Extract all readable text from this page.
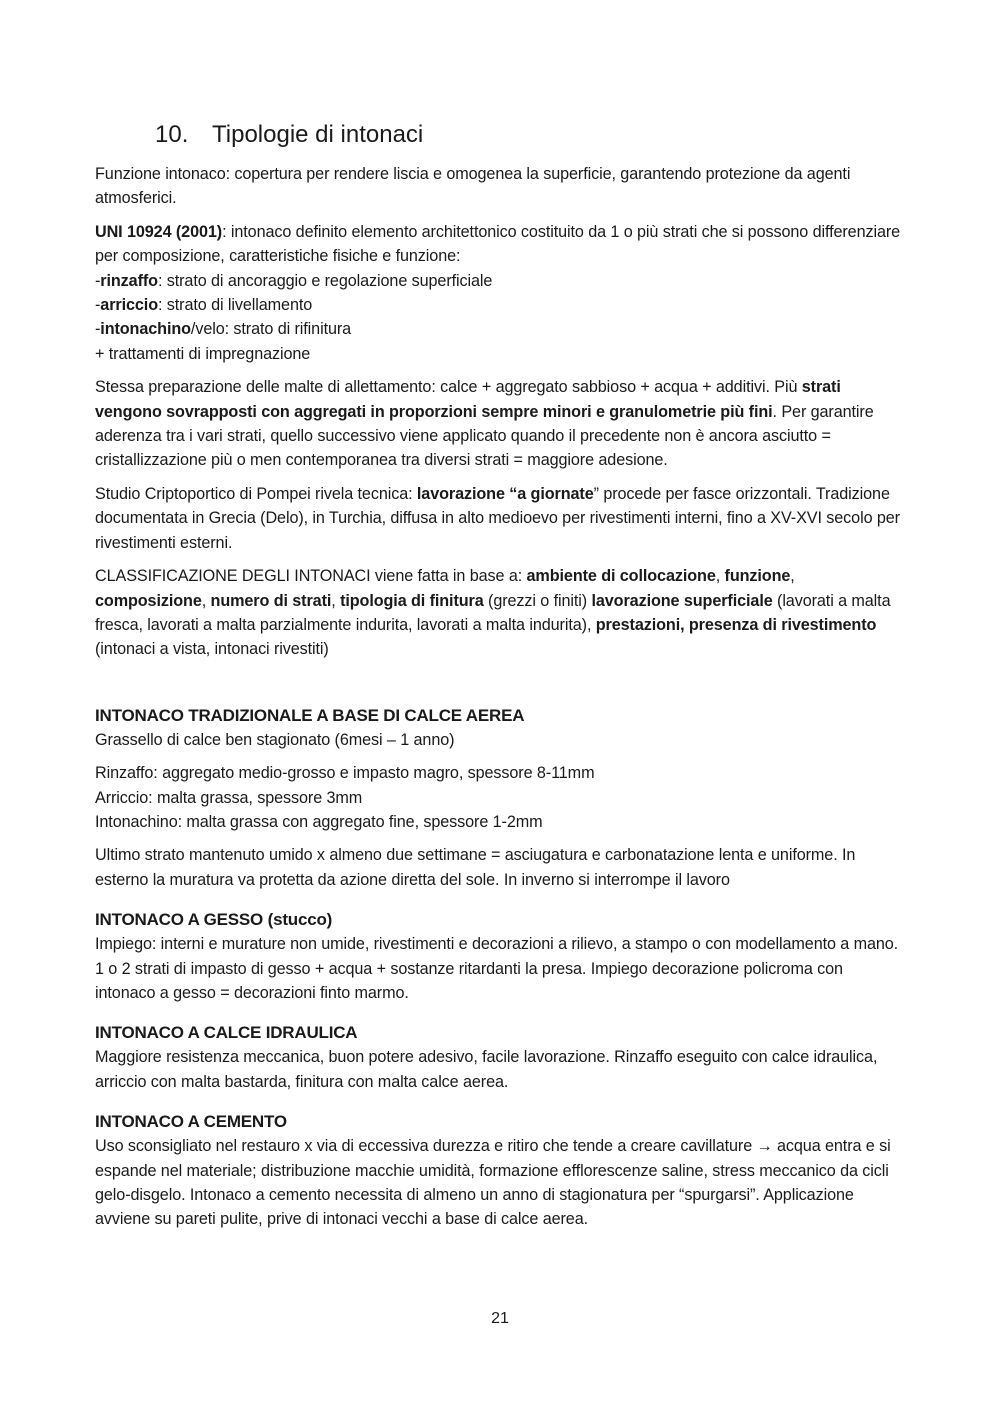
10. Tipologie di intonaci

Funzione intonaco: copertura per rendere liscia e omogenea la superficie, garantendo protezione da agenti atmosferici.

UNI 10924 (2001): intonaco definito elemento architettonico costituito da 1 o più strati che si possono differenziare per composizione, caratteristiche fisiche e funzione:
-rinzaffo: strato di ancoraggio e regolazione superficiale
-arriccio: strato di livellamento
-intonachino/velo: strato di rifinitura
+ trattamenti di impregnazione

Stessa preparazione delle malte di allettamento: calce + aggregato sabbioso + acqua + additivi. Più strati vengono sovrapposti con aggregati in proporzioni sempre minori e granulometrie più fini. Per garantire aderenza tra i vari strati, quello successivo viene applicato quando il precedente non è ancora asciutto = cristallizzazione più o men contemporanea tra diversi strati = maggiore adesione.

Studio Criptoportico di Pompei rivela tecnica: lavorazione “a giornate” procede per fasce orizzontali. Tradizione documentata in Grecia (Delo), in Turchia, diffusa in alto medioevo per rivestimenti interni, fino a XV-XVI secolo per rivestimenti esterni.

CLASSIFICAZIONE DEGLI INTONACI viene fatta in base a: ambiente di collocazione, funzione, composizione, numero di strati, tipologia di finitura (grezzi o finiti) lavorazione superficiale (lavorati a malta fresca, lavorati a malta parzialmente indurita, lavorati a malta indurita), prestazioni, presenza di rivestimento (intonaci a vista, intonaci rivestiti)

INTONACO TRADIZIONALE A BASE DI CALCE AEREA

Grassello di calce ben stagionato (6mesi – 1 anno)

Rinzaffo: aggregato medio-grosso e impasto magro, spessore 8-11mm
Arriccio: malta grassa, spessore 3mm
Intonachino: malta grassa con aggregato fine, spessore 1-2mm

Ultimo strato mantenuto umido x almeno due settimane = asciugatura e carbonatazione lenta e uniforme. In esterno la muratura va protetta da azione diretta del sole. In inverno si interrompe il lavoro

INTONACO A GESSO (stucco)

Impiego: interni e murature non umide, rivestimenti e decorazioni a rilievo, a stampo o con modellamento a mano. 1 o 2 strati di impasto di gesso + acqua + sostanze ritardanti la presa. Impiego decorazione policroma con intonaco a gesso = decorazioni finto marmo.

INTONACO A CALCE IDRAULICA

Maggiore resistenza meccanica, buon potere adesivo, facile lavorazione. Rinzaffo eseguito con calce idraulica, arriccio con malta bastarda, finitura con malta calce aerea.

INTONACO A CEMENTO

Uso sconsigliato nel restauro x via di eccessiva durezza e ritiro che tende a creare cavillature → acqua entra e si espande nel materiale; distribuzione macchie umidità, formazione efflorescenze saline, stress meccanico da cicli gelo-disgelo. Intonaco a cemento necessita di almeno un anno di stagionatura per “spurgarsi”. Applicazione avviene su pareti pulite, prive di intonaci vecchi a base di calce aerea.

21
